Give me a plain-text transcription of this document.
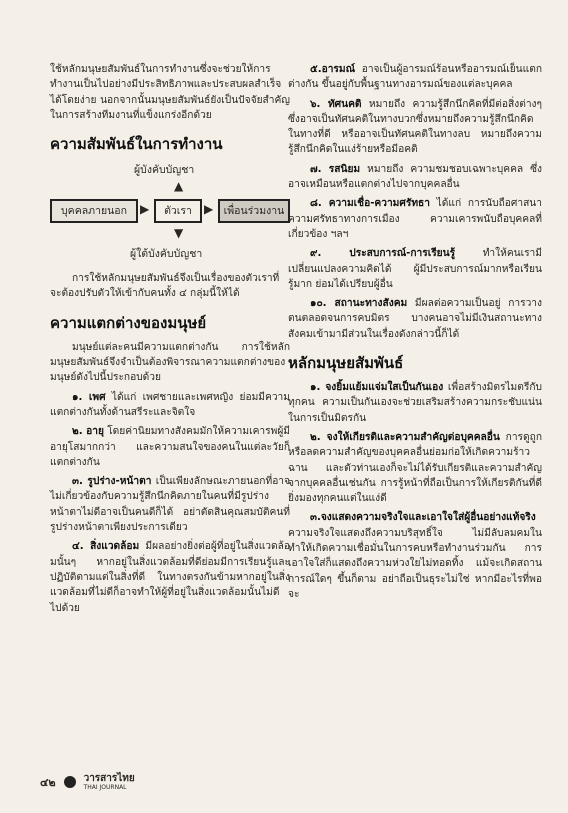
ใช้หลักมนุษยสัมพันธ์ในการทำงานซึ่งจะช่วยให้การทำงานเป็นไปอย่างมีประสิทธิภาพและประสบผลสำเร็จได้โดยง่าย นอกจากนั้นมนุษยสัมพันธ์ยังเป็นปัจจัยสำคัญในการสร้างทีมงานที่แข็งแกร่งอีกด้วย

ความสัมพันธ์ในการทำงาน
ผู้บังคับบัญชา
▲
บุคคลภายนอก	▶	ตัวเรา	▶ เพื่อนร่วมงาน
▼
ผู้ใต้บังคับบัญชา

การใช้หลักมนุษยสัมพันธ์จึงเป็นเรื่องของตัวเราที่จะต้องปรับตัวให้เข้ากับคนทั้ง ๔ กลุ่มนี้ให้ได้

ความแตกต่างของมนุษย์

มนุษย์แต่ละคนมีความแตกต่างกัน การใช้หลักมนุษยสัมพันธ์จึงจำเป็นต้องพิจารณาความแตกต่างของมนุษย์ดังไปนี้ประกอบด้วย

๑. เพศ ได้แก่ เพศชายและเพศหญิง ย่อมมีความแตกต่างกันทั้งด้านสรีระและจิตใจ

๒. อายุ โดยค่านิยมทางสังคมมักให้ความเคารพผู้มีอายุโสมากกว่า และความสนใจของคนในแต่ละวัยก็แตกต่างกัน

๓. รูปร่าง-หน้าตา เป็นเพียงลักษณะภายนอกที่อาจไม่เกี่ยวข้องกับความรู้สึกนึกคิดภายในคนที่มีรูปร่างหน้าตาไม่ดีอาจเป็นคนดีก็ได้ อย่าตัดสินคุณสมบัติคนที่รูปร่างหน้าตาเพียงประการเดียว

๔. สิ่งแวดล้อม มีผลอย่างยิ่งต่อผู้ที่อยู่ในสิ่งแวดล้อมนั้นๆ หากอยู่ในสิ่งแวดล้อมที่ดีย่อมมีการเรียนรู้และปฏิบัติตามแต่ในสิ่งที่ดี ในทางตรงกันข้ามหากอยู่ในสิ่งแวดล้อมที่ไม่ดีก็อาจทำให้ผู้ที่อยู่ในสิ่งแวดล้อมนั้นไม่ดีไปด้วย

๕.อารมณ์ อาจเป็นผู้อารมณ์ร้อนหรืออารมณ์เย็นแตกต่างกัน ขึ้นอยู่กับพื้นฐานทางอารมณ์ของแต่ละบุคคล

๖. ทัศนคติ หมายถึง ความรู้สึกนึกคิดที่มีต่อสิ่งต่างๆ ซึ่งอาจเป็นทัศนคติในทางบวกซึ่งหมายถึงความรู้สึกนึกคิดในทางที่ดี หรืออาจเป็นทัศนคติในทางลบ หมายถึงความรู้สึกนึกคิดในแง่ร้ายหรือมีอคติ

๗. รสนิยม หมายถึง ความชมชอบเฉพาะบุคคล ซึ่งอาจเหมือนหรือแตกต่างไปจากบุคคลอื่น

๘. ความเชื่อ-ความศรัทธา ได้แก่ การนับถือศาสนา ความศรัทธาทางการเมือง ความเคารพนับถือบุคคลที่เกี่ยวข้อง ฯลฯ

๙. ประสบการณ์-การเรียนรู้ ทำให้คนเรามีเปลี่ยนแปลงความคิดได้ ผู้มีประสบการณ์มากหรือเรียนรู้มาก ย่อมได้เปรียบผู้อื่น

๑๐. สถานะทางสังคม มีผลต่อความเป็นอยู่ การวางตนตลอดจนการคบมิตร บางคนอาจไม่มีเงินสถานะทางสังคมเข้ามามีส่วนในเรื่องดังกล่าวนี้ก็ได้

หลักมนุษยสัมพันธ์

๑. จงยิ้มแย้มแจ่มใสเป็นกันเอง เพื่อสร้างมิตรไมตรีกับทุกคน ความเป็นกันเองจะช่วยเสริมสร้างความกระชับแน่นในการเป็นมิตรกัน

๒. จงให้เกียรติและความสำคัญต่อบุคคลอื่น การดูถูกหรือลดความสำคัญของบุคคลอื่นย่อมก่อให้เกิดความร้าวฉาน และตัวท่านเองก็จะไม่ได้รับเกียรติและความสำคัญจากบุคคลอื่นเช่นกัน การรู้หน้าที่ถือเป็นการให้เกียรติกันที่ดียิ่งมองทุกคนแต่ในแง่ดี

๓.จงแสดงความจริงใจและเอาใจใส่ผู้อื่นอย่างแท้จริง ความจริงใจแสดงถึงความบริสุทธิ์ใจ ไม่มีลับลมคมใน ทำให้เกิดความเชื่อมั่นในการคบหรือทำงานร่วมกัน การเอาใจใส่ก็แสดงถึงความห่วงใยไม่ทอดทิ้ง แม้จะเกิดสถานการณ์ใดๆ ขึ้นก็ตาม อย่าถือเป็นธุระไม่ใช่ หากมีอะไรที่พอจะ

๔๒	วารสารไทย
THAI JOURNAL
